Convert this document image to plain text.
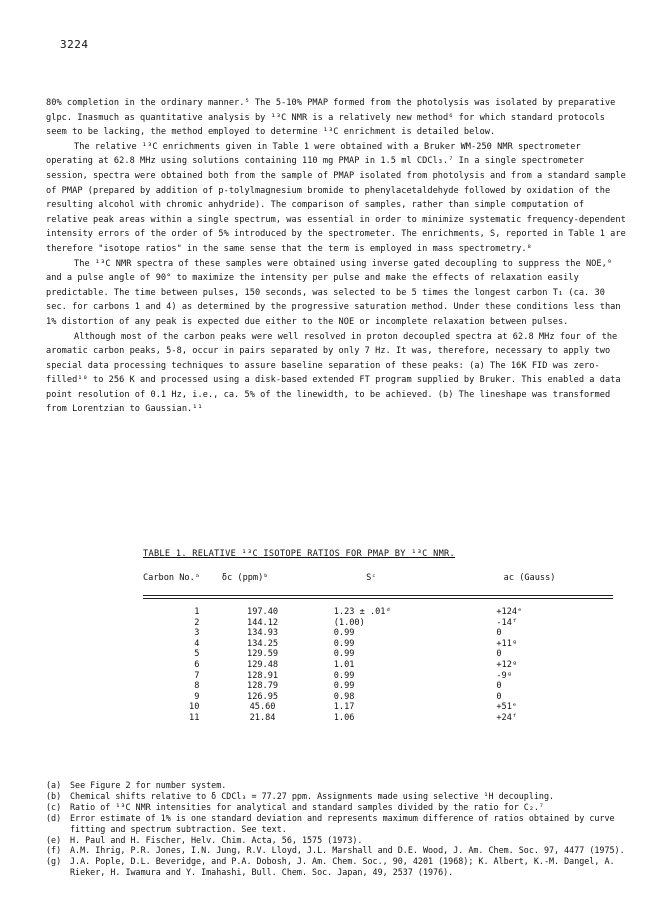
3224

80% completion in the ordinary manner.⁵ The 5-10% PMAP formed from the photolysis was isolated by preparative glpc. Inasmuch as quantitative analysis by ¹³C NMR is a relatively new method⁶ for which standard protocols seem to be lacking, the method employed to determine ¹³C enrichment is detailed below.

The relative ¹³C enrichments given in Table 1 were obtained with a Bruker WM-250 NMR spectrometer operating at 62.8 MHz using solutions containing 110 mg PMAP in 1.5 ml CDCl₃.⁷ In a single spectrometer session, spectra were obtained both from the sample of PMAP isolated from photolysis and from a standard sample of PMAP (prepared by addition of p-tolylmagnesium bromide to phenylacetaldehyde followed by oxidation of the resulting alcohol with chromic anhydride). The comparison of samples, rather than simple computation of relative peak areas within a single spectrum, was essential in order to minimize systematic frequency-dependent intensity errors of the order of 5% introduced by the spectrometer. The enrichments, S, reported in Table 1 are therefore "isotope ratios" in the same sense that the term is employed in mass spectrometry.⁸

The ¹³C NMR spectra of these samples were obtained using inverse gated decoupling to suppress the NOE,⁹ and a pulse angle of 90° to maximize the intensity per pulse and make the effects of relaxation easily predictable. The time between pulses, 150 seconds, was selected to be 5 times the longest carbon T₁ (ca. 30 sec. for carbons 1 and 4) as determined by the progressive saturation method. Under these conditions less than 1% distortion of any peak is expected due either to the NOE or incomplete relaxation between pulses.

Although most of the carbon peaks were well resolved in proton decoupled spectra at 62.8 MHz four of the aromatic carbon peaks, 5-8, occur in pairs separated by only 7 Hz. It was, therefore, necessary to apply two special data processing techniques to assure baseline separation of these peaks: (a) The 16K FID was zero-filled¹⁰ to 256 K and processed using a disk-based extended FT program supplied by Bruker. This enabled a data point resolution of 0.1 Hz, i.e., ca. 5% of the linewidth, to be achieved. (b) The lineshape was transformed from Lorentzian to Gaussian.¹¹

TABLE 1. RELATIVE ¹³C ISOTOPE RATIOS FOR PMAP BY ¹³C NMR.
Carbon No.ᵃ	δc (ppm)ᵇ	Sᶜ	ac (Gauss)
1	197.40	1.23 ± .01ᵈ	+124ᵉ
2	144.12	(1.00)	-14ᶠ
3	134.93	0.99	0
4	134.25	0.99	+11ᵍ
5	129.59	0.99	0
6	129.48	1.01	+12ᵍ
7	128.91	0.99	-9ᵍ
8	128.79	0.99	0
9	126.95	0.98	0
10	45.60	1.17	+51ᵉ
11	21.84	1.06	+24ᶠ
(a)	See Figure 2 for number system.
(b)	Chemical shifts relative to δ CDCl₃ = 77.27 ppm. Assignments made using selective ¹H decoupling.
(c)	Ratio of ¹³C NMR intensities for analytical and standard samples divided by the ratio for C₂.⁷
(d)	Error estimate of 1% is one standard deviation and represents maximum difference of ratios obtained by curve fitting and spectrum subtraction. See text.
(e)	H. Paul and H. Fischer, Helv. Chim. Acta, 56, 1575 (1973).
(f)	A.M. Ihrig, P.R. Jones, I.N. Jung, R.V. Lloyd, J.L. Marshall and D.E. Wood, J. Am. Chem. Soc. 97, 4477 (1975).
(g)	J.A. Pople, D.L. Beveridge, and P.A. Dobosh, J. Am. Chem. Soc., 90, 4201 (1968); K. Albert, K.-M. Dangel, A. Rieker, H. Iwamura and Y. Imahashi, Bull. Chem. Soc. Japan, 49, 2537 (1976).
